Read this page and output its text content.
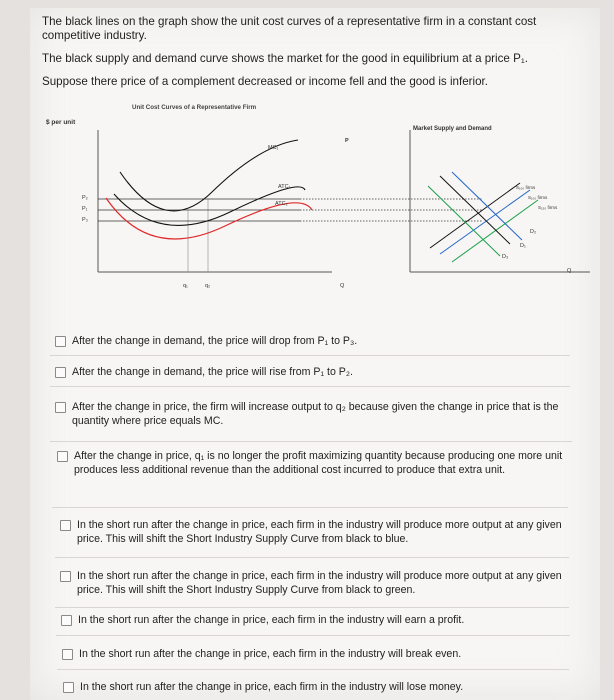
The black lines on the graph show the unit cost curves of a representative firm in a constant cost
competitive industry.
The black supply and demand curve shows the market for the good in equilibrium at a price P₁.
Suppose there price of a complement decreased or income fell and the good is inferior.
Unit Cost Curves of a Representative Firm
$ per unit
Market Supply and Demand
P₂
P₁
P₃
q₁	q₂	Q
Q
P
MC₁
ATC₁
ATC₂
S₁₀₀ firms
S₁₀₀ firms
S₁₅₀ firms
D₂
D₁
D₃
After the change in demand, the price will drop from P₁ to P₃.
After the change in demand, the price will rise from P₁ to P₂.
After the change in price, the firm will increase output to q₂ because given the change in price that is the quantity where price equals MC.
After the change in price, q₁ is no longer the profit maximizing quantity because producing one more unit produces less additional revenue than the additional cost incurred to produce that extra unit.
In the short run after the change in price, each firm in the industry will produce more output at any given price. This will shift the Short Industry Supply Curve from black to blue.
In the short run after the change in price, each firm in the industry will produce more output at any given price. This will shift the Short Industry Supply Curve from black to green.
In the short run after the change in price, each firm in the industry will earn a profit.
In the short run after the change in price, each firm in the industry will break even.
In the short run after the change in price, each firm in the industry will lose money.
